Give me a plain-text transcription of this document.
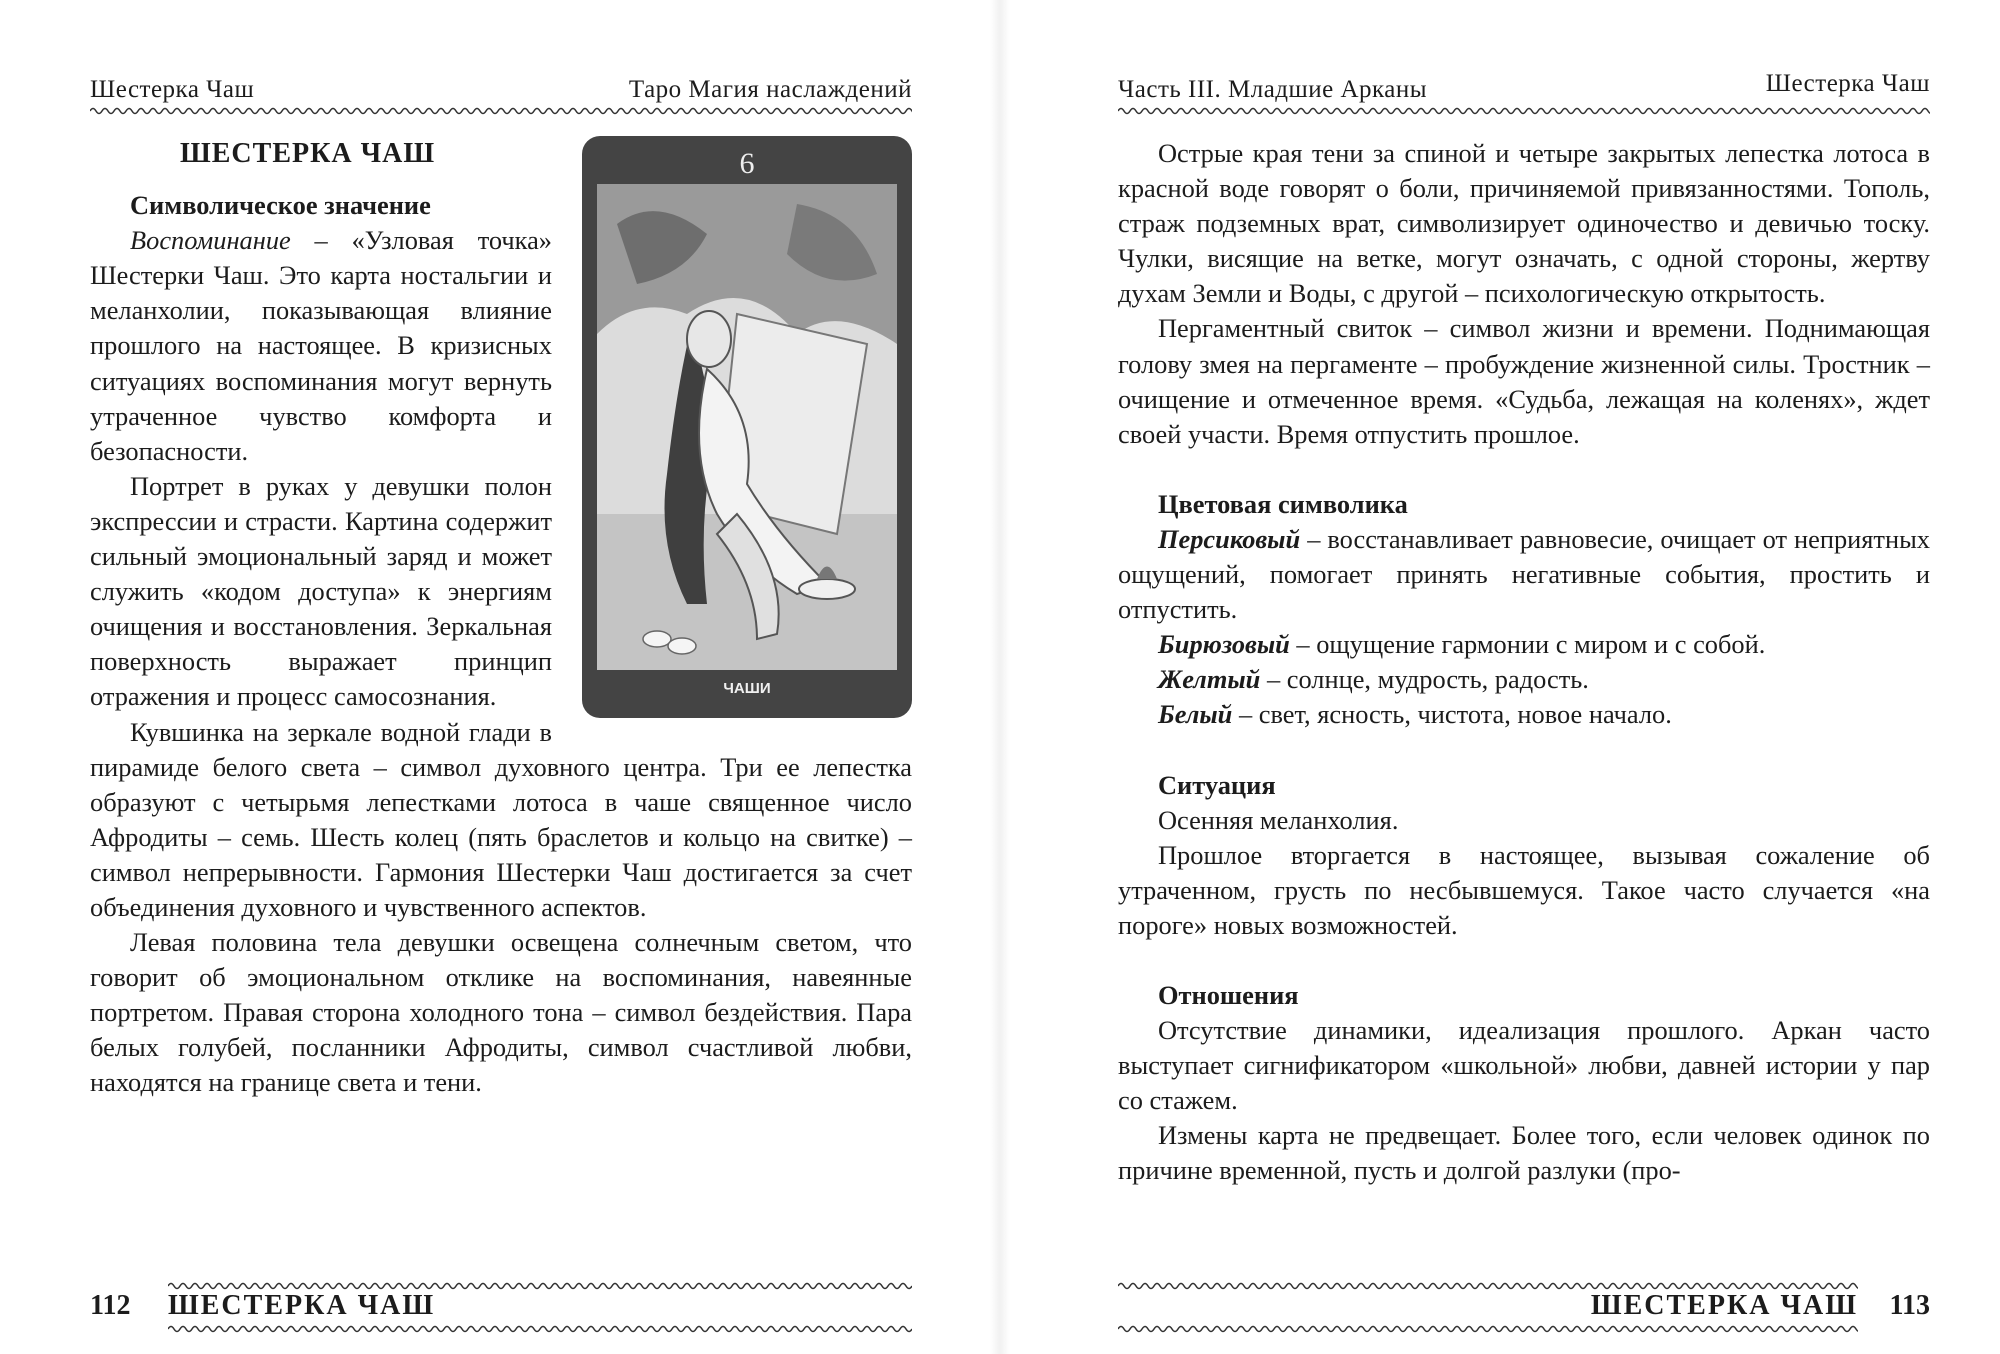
Шестерка Чаш	Таро Магия наслаждений
6
ЧАШИ
ШЕСТЕРКА ЧАШ
Символическое значение

Воспоминание – «Узловая точка» Шестерки Чаш. Это карта ностальгии и меланхолии, показывающая влияние прошлого на настоящее. В кризисных ситуациях воспоминания могут вернуть утраченное чувство комфорта и безопасности.

Портрет в руках у девушки полон экспрессии и страсти. Картина содержит сильный эмоциональный заряд и может служить «кодом доступа» к энергиям очищения и восстановления. Зеркальная поверхность выражает принцип отражения и процесс самосознания.

Кувшинка на зеркале водной глади в пирамиде белого света – символ духовного центра. Три ее лепестка образуют с четырьмя лепестками лотоса в чаше священное число Афродиты – семь. Шесть колец (пять браслетов и кольцо на свитке) – символ непрерывности. Гармония Шестерки Чаш достигается за счет объединения духовного и чувственного аспектов.

Левая половина тела девушки освещена солнечным светом, что говорит об эмоциональном отклике на воспоминания, навеянные портретом. Правая сторона холодного тона – символ бездействия. Пара белых голубей, посланники Афродиты, символ счастливой любви, находятся на границе света и тени.

112 ШЕСТЕРКА ЧАШ
Часть III. Младшие Арканы	Шестерка Чаш

Острые края тени за спиной и четыре закрытых лепестка лотоса в красной воде говорят о боли, причиняемой привязанностями. Тополь, страж подземных врат, символизирует одиночество и девичью тоску. Чулки, висящие на ветке, могут означать, с одной стороны, жертву духам Земли и Воды, с другой – психологическую открытость.

Пергаментный свиток – символ жизни и времени. Поднимающая голову змея на пергаменте – пробуждение жизненной силы. Тростник – очищение и отмеченное время. «Судьба, лежащая на коленях», ждет своей участи. Время отпустить прошлое.

Цветовая символика

Персиковый – восстанавливает равновесие, очищает от неприятных ощущений, помогает принять негативные события, простить и отпустить.

Бирюзовый – ощущение гармонии с миром и с собой.

Желтый – солнце, мудрость, радость.

Белый – свет, ясность, чистота, новое начало.

Ситуация

Осенняя меланхолия.

Прошлое вторгается в настоящее, вызывая сожаление об утраченном, грусть по несбывшемуся. Такое часто случается «на пороге» новых возможностей.

Отношения

Отсутствие динамики, идеализация прошлого. Аркан часто выступает сигнификатором «школьной» любви, давней истории у пар со стажем.

Измены карта не предвещает. Более того, если человек одинок по причине временной, пусть и долгой разлуки (про-

ШЕСТЕРКА ЧАШ 113
